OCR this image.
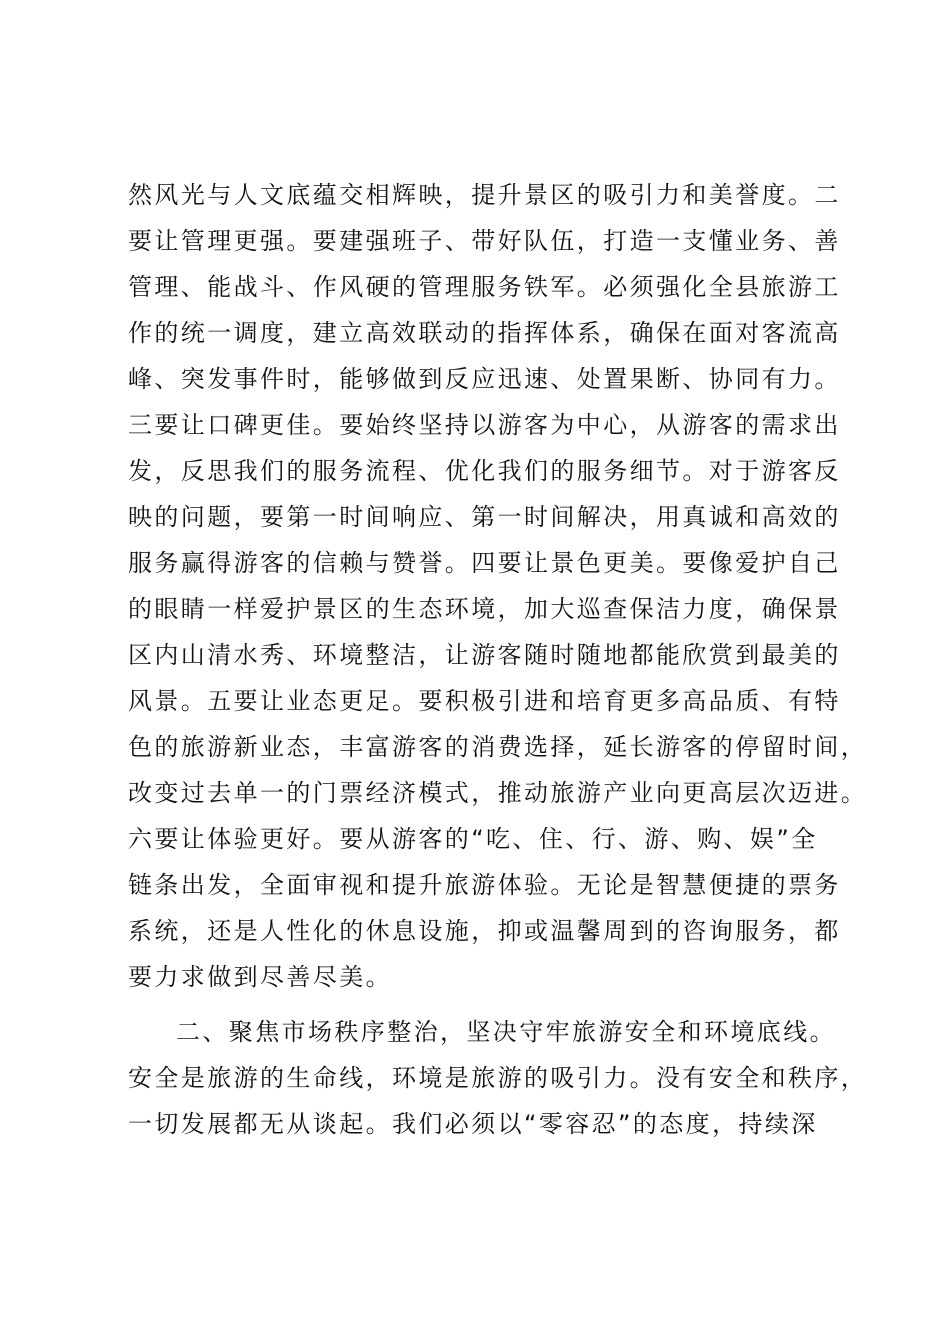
然风光与人文底蕴交相辉映，提升景区的吸引力和美誉度。二
要让管理更强。要建强班子、带好队伍，打造一支懂业务、善
管理、能战斗、作风硬的管理服务铁军。必须强化全县旅游工
作的统一调度，建立高效联动的指挥体系，确保在面对客流高
峰、突发事件时，能够做到反应迅速、处置果断、协同有力。
三要让口碑更佳。要始终坚持以游客为中心，从游客的需求出
发，反思我们的服务流程、优化我们的服务细节。对于游客反
映的问题，要第一时间响应、第一时间解决，用真诚和高效的
服务赢得游客的信赖与赞誉。四要让景色更美。要像爱护自己
的眼睛一样爱护景区的生态环境，加大巡查保洁力度，确保景
区内山清水秀、环境整洁，让游客随时随地都能欣赏到最美的
风景。五要让业态更足。要积极引进和培育更多高品质、有特
色的旅游新业态，丰富游客的消费选择，延长游客的停留时间，
改变过去单一的门票经济模式，推动旅游产业向更高层次迈进。
六要让体验更好。要从游客的“吃、住、行、游、购、娱”全
链条出发，全面审视和提升旅游体验。无论是智慧便捷的票务
系统，还是人性化的休息设施，抑或温馨周到的咨询服务，都
要力求做到尽善尽美。
二、聚焦市场秩序整治，坚决守牢旅游安全和环境底线。
安全是旅游的生命线，环境是旅游的吸引力。没有安全和秩序，
一切发展都无从谈起。我们必须以“零容忍”的态度，持续深
